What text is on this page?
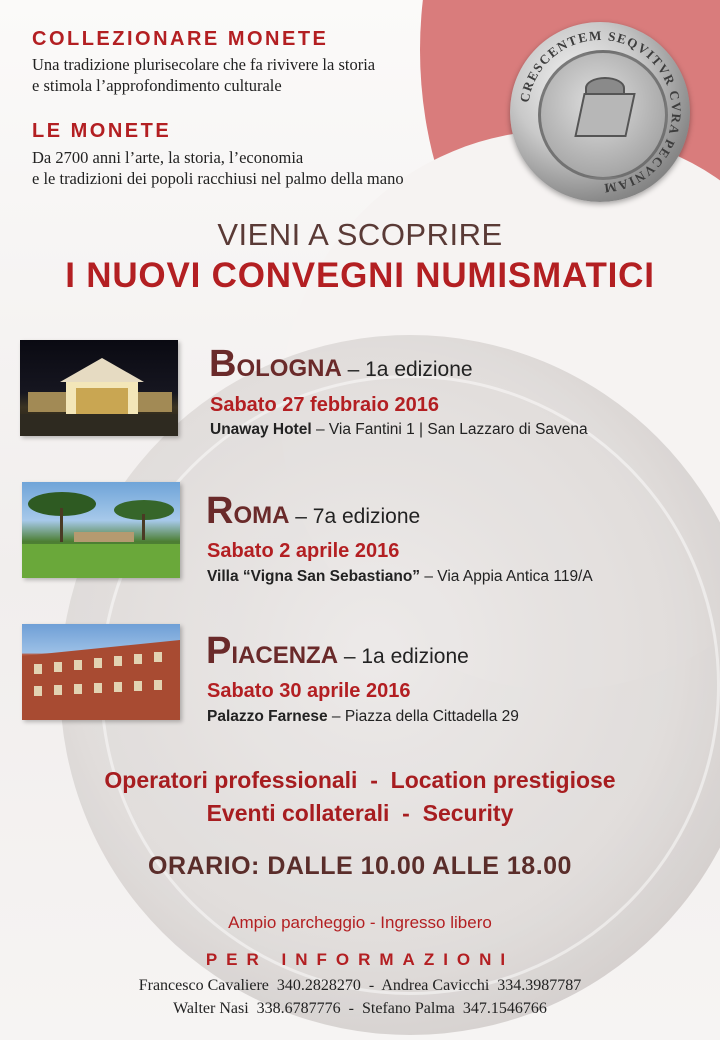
CRESCENTEM SEQVITVR CVRA PECVNIAM
COLLEZIONARE MONETE
Una tradizione plurisecolare che fa rivivere la storia
e stimola l’approfondimento culturale
LE MONETE
Da 2700 anni l’arte, la storia, l’economia
e le tradizioni dei popoli racchiusi nel palmo della mano
VIENI A SCOPRIRE
I NUOVI CONVEGNI NUMISMATICI
BOLOGNA – 1a edizione
Sabato 27 febbraio 2016
Unaway Hotel – Via Fantini 1 | San Lazzaro di Savena
ROMA – 7a edizione
Sabato 2 aprile 2016
Villa “Vigna San Sebastiano” – Via Appia Antica 119/A
PIACENZA – 1a edizione
Sabato 30 aprile 2016
Palazzo Farnese – Piazza della Cittadella 29
Operatori professionali  -  Location prestigiose
Eventi collaterali  -  Security
ORARIO: DALLE 10.00 ALLE 18.00
Ampio parcheggio - Ingresso libero
PER INFORMAZIONI
Francesco Cavaliere  340.2828270  -  Andrea Cavicchi  334.3987787
Walter Nasi  338.6787776  -  Stefano Palma  347.1546766
